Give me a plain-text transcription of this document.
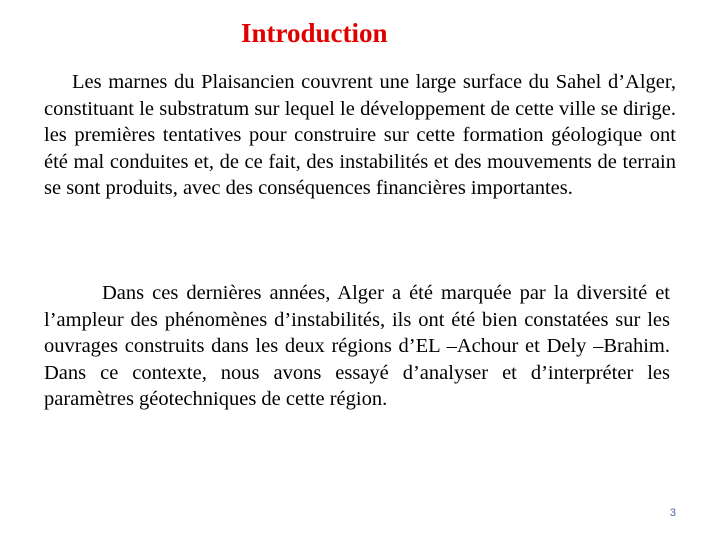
Introduction

Les marnes du Plaisancien couvrent une large surface du Sahel d’Alger, constituant le substratum sur lequel le développement de cette ville se dirige. les premières tentatives pour construire sur cette formation géologique ont été mal conduites et, de ce fait, des instabilités et des mouvements de terrain se sont produits, avec des conséquences financières importantes.

Dans ces dernières années, Alger a été marquée par la diversité et l’ampleur des phénomènes d’instabilités, ils ont été bien constatées sur les ouvrages construits dans les deux régions d’EL –Achour et Dely –Brahim. Dans ce contexte, nous avons essayé d’analyser et d’interpréter les paramètres géotechniques de cette région.

3
